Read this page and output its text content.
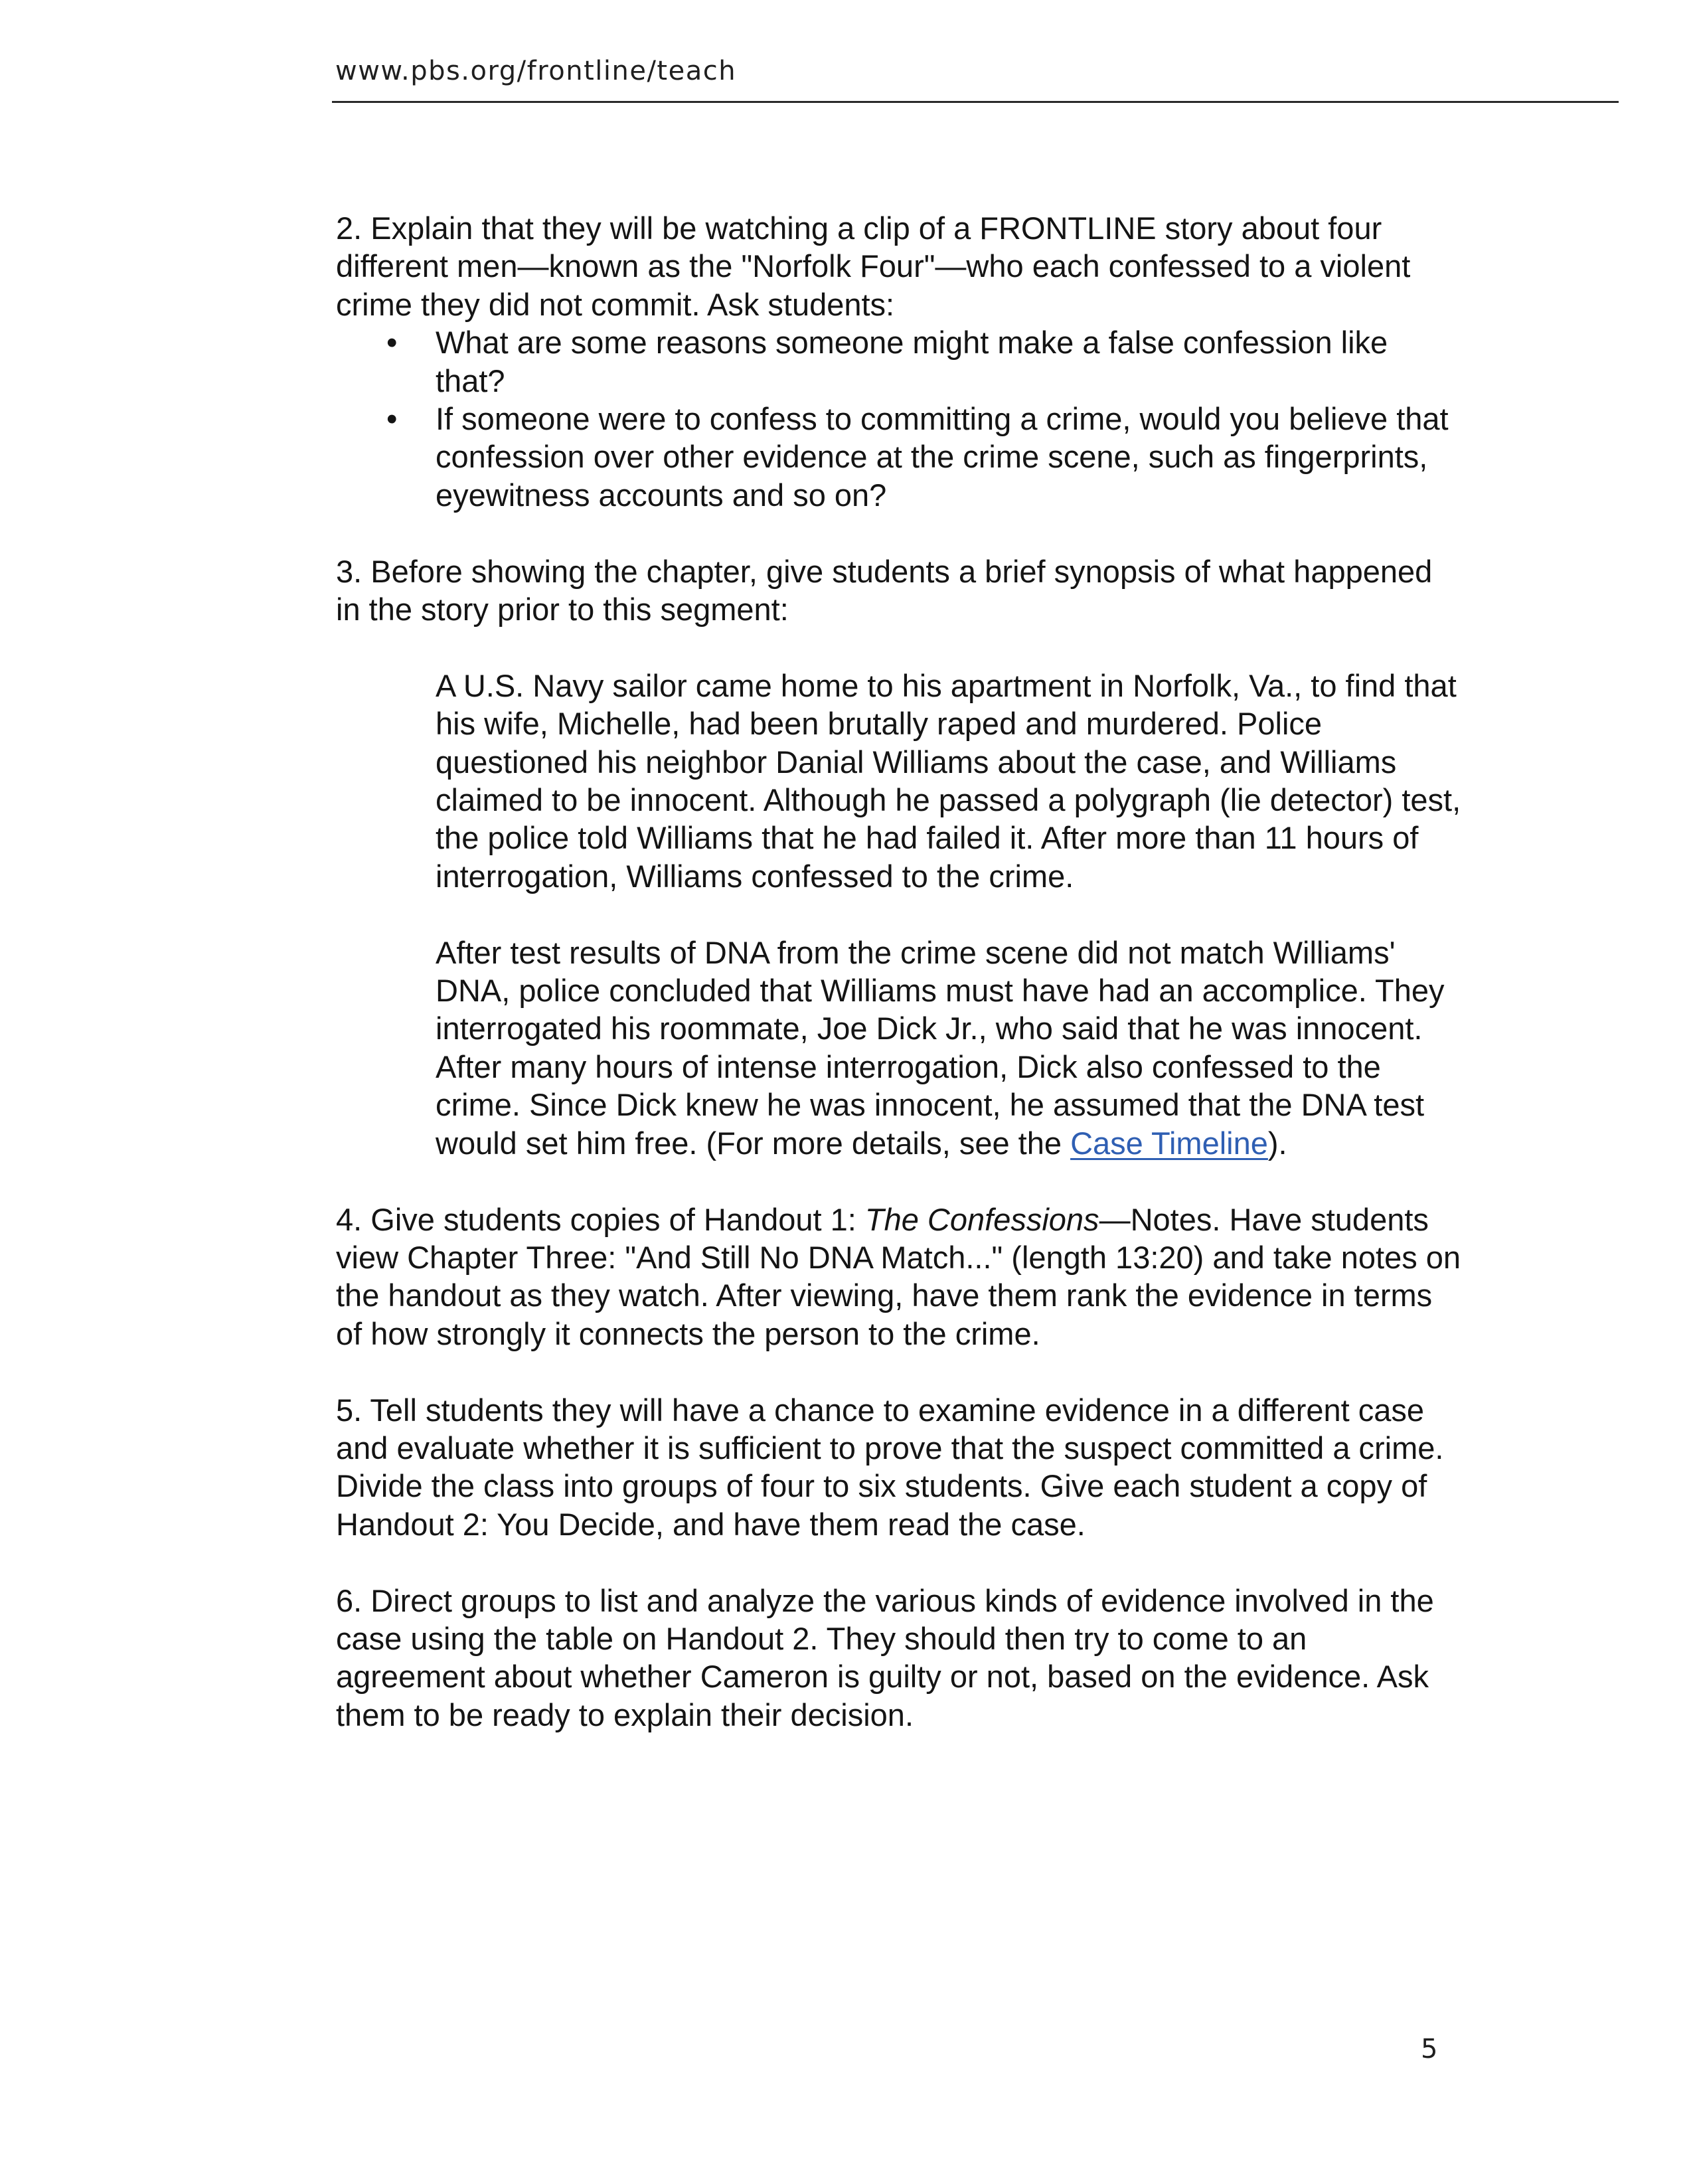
www.pbs.org/frontline/teach

2. Explain that they will be watching a clip of a FRONTLINE story about four different men—known as the "Norfolk Four"—who each confessed to a violent crime they did not commit. Ask students:

• What are some reasons someone might make a false confession like that?
• If someone were to confess to committing a crime, would you believe that confession over other evidence at the crime scene, such as fingerprints, eyewitness accounts and so on?

3. Before showing the chapter, give students a brief synopsis of what happened in the story prior to this segment:

A U.S. Navy sailor came home to his apartment in Norfolk, Va., to find that his wife, Michelle, had been brutally raped and murdered. Police questioned his neighbor Danial Williams about the case, and Williams claimed to be innocent. Although he passed a polygraph (lie detector) test, the police told Williams that he had failed it. After more than 11 hours of interrogation, Williams confessed to the crime.

After test results of DNA from the crime scene did not match Williams' DNA, police concluded that Williams must have had an accomplice. They interrogated his roommate, Joe Dick Jr., who said that he was innocent. After many hours of intense interrogation, Dick also confessed to the crime. Since Dick knew he was innocent, he assumed that the DNA test would set him free. (For more details, see the Case Timeline).

4. Give students copies of Handout 1: The Confessions—Notes. Have students view Chapter Three: "And Still No DNA Match..." (length 13:20) and take notes on the handout as they watch. After viewing, have them rank the evidence in terms of how strongly it connects the person to the crime.

5. Tell students they will have a chance to examine evidence in a different case and evaluate whether it is sufficient to prove that the suspect committed a crime. Divide the class into groups of four to six students. Give each student a copy of Handout 2: You Decide, and have them read the case.

6. Direct groups to list and analyze the various kinds of evidence involved in the case using the table on Handout 2. They should then try to come to an agreement about whether Cameron is guilty or not, based on the evidence. Ask them to be ready to explain their decision.

5
